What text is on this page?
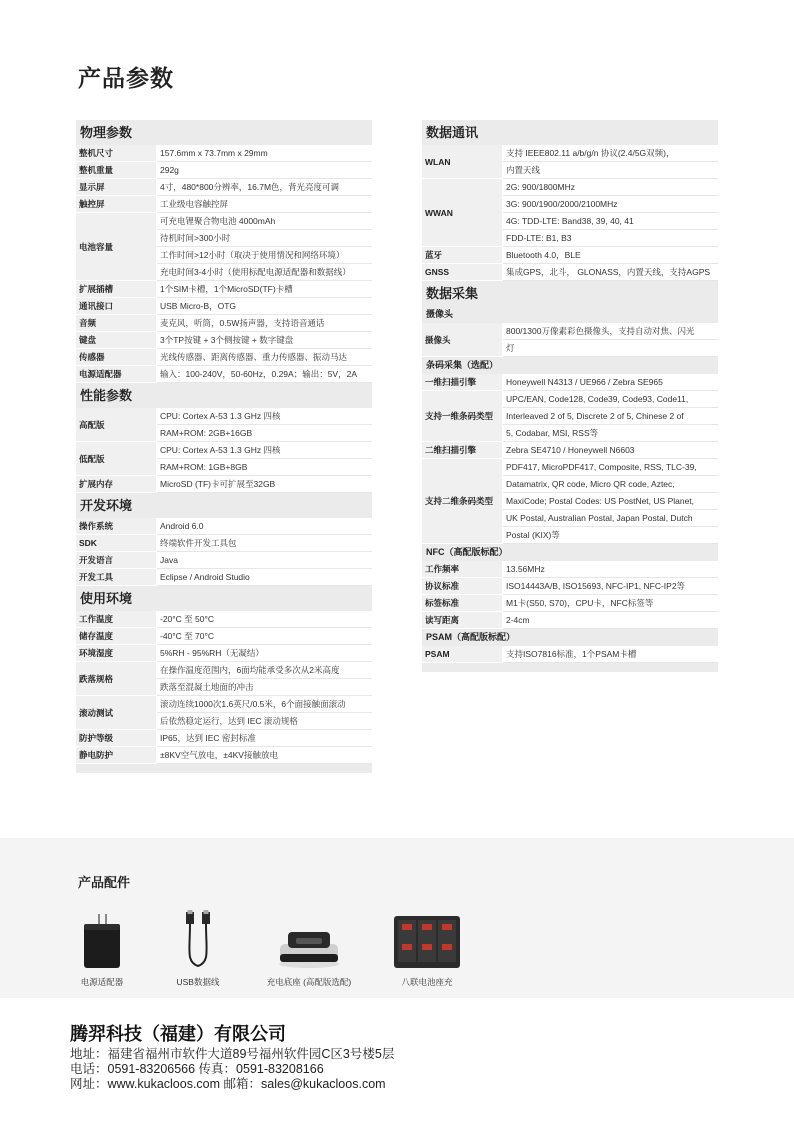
产品参数
物理参数
整机尺寸	157.6mm x 73.7mm x 29mm
整机重量	292g
显示屏	4寸，480*800分辨率，16.7M色，背光亮度可调
触控屏	工业级电容触控屏
电池容量	可充电锂聚合物电池 4000mAh
	待机时间>300小时
	工作时间>12小时（取决于使用情况和网络环境）
	充电时间3-4小时（使用标配电源适配器和数据线）
扩展插槽	1个SIM卡槽，1个MicroSD(TF)卡槽
通讯接口	USB Micro-B，OTG
音频	麦克风，听筒，0.5W扬声器，支持语音通话
键盘	3个TP按键 + 3个侧按键 + 数字键盘
传感器	光线传感器、距离传感器、重力传感器、振动马达
电源适配器	输入：100-240V，50-60Hz，0.29A；输出：5V，2A
性能参数
高配版	CPU: Cortex A-53 1.3 GHz 四核
	RAM+ROM: 2GB+16GB
低配版	CPU: Cortex A-53 1.3 GHz 四核
	RAM+ROM: 1GB+8GB
扩展内存	MicroSD (TF)卡可扩展至32GB
开发环境
操作系统	Android 6.0
SDK	终端软件开发工具包
开发语言	Java
开发工具	Eclipse / Android Studio
使用环境
工作温度	-20°C 至 50°C
储存温度	-40°C 至 70°C
环境湿度	5%RH - 95%RH（无凝结）
跌落规格	在操作温度范围内，6面均能承受多次从2米高度
	跌落至混凝土地面的冲击
滚动测试	滚动连续1000次1.6英尺/0.5米，6个面接触面滚动
	后依然稳定运行，达到 IEC 滚动规格
防护等级	IP65，达到 IEC 密封标准
静电防护	±8KV空气放电，±4KV接触放电
数据通讯
WLAN	支持 IEEE802.11 a/b/g/n 协议(2.4/5G双频)，
	内置天线
WWAN	2G: 900/1800MHz
	3G: 900/1900/2000/2100MHz
	4G: TDD-LTE: Band38, 39, 40, 41
	FDD-LTE: B1, B3
蓝牙	Bluetooth 4.0，BLE
GNSS	集成GPS，北斗， GLONASS，内置天线，支持AGPS
数据采集
摄像头
摄像头	800/1300万像素彩色摄像头，支持自动对焦、闪光
灯
条码采集（选配）
一维扫描引擎	Honeywell N4313 / UE966 / Zebra SE965
支持一维条码类型	UPC/EAN, Code128, Code39, Code93, Code11,
	Interleaved 2 of 5, Discrete 2 of 5, Chinese 2 of
	5, Codabar, MSI, RSS等
二维扫描引擎	Zebra SE4710 / Honeywell N6603
支持二维条码类型	PDF417, MicroPDF417, Composite, RSS, TLC-39,
	Datamatrix, QR code, Micro QR code, Aztec,
	MaxiCode; Postal Codes: US PostNet, US Planet,
	UK Postal, Australian Postal, Japan Postal, Dutch
	Postal (KIX)等
NFC（高配版标配）
工作频率	13.56MHz
协议标准	ISO14443A/B, ISO15693, NFC-IP1, NFC-IP2等
标签标准	M1卡(S50, S70)，CPU卡，NFC标签等
读写距离	2-4cm
PSAM（高配版标配）
PSAM	支持ISO7816标准，1个PSAM卡槽
产品配件
电源适配器	USB数据线	充电底座 (高配版选配)	八联电池座充
腾羿科技（福建）有限公司
地址：福建省福州市软件大道89号福州软件园C区3号楼5层
电话：0591-83206566 传真：0591-83208166
网址：www.kukacloos.com 邮箱：sales@kukacloos.com
